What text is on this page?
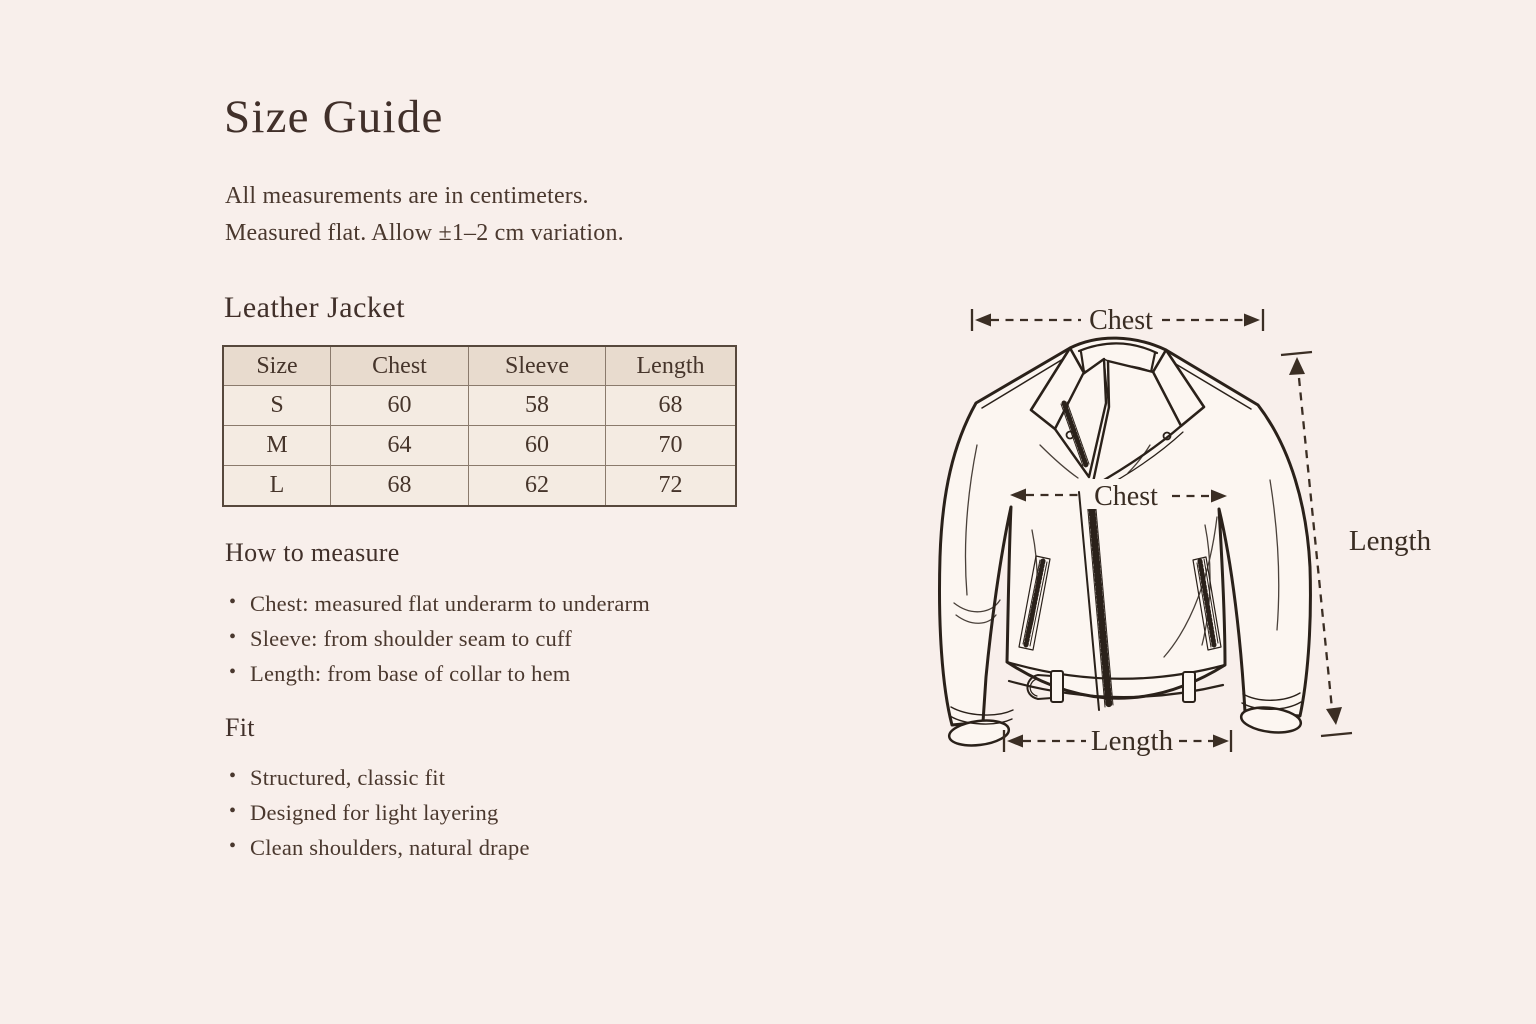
Size Guide

All measurements are in centimeters.
Measured flat. Allow ±1–2 cm variation.

Leather Jacket
Size	Chest	Sleeve	Length
S	60	58	68
M	64	60	70
L	68	62	72
How to measure
• Chest: measured flat underarm to underarm
• Sleeve: from shoulder seam to cuff
• Length: from base of collar to hem
Fit
• Structured, classic fit
• Designed for light layering
• Clean shoulders, natural drape
Chest
Chest
Length
Length
